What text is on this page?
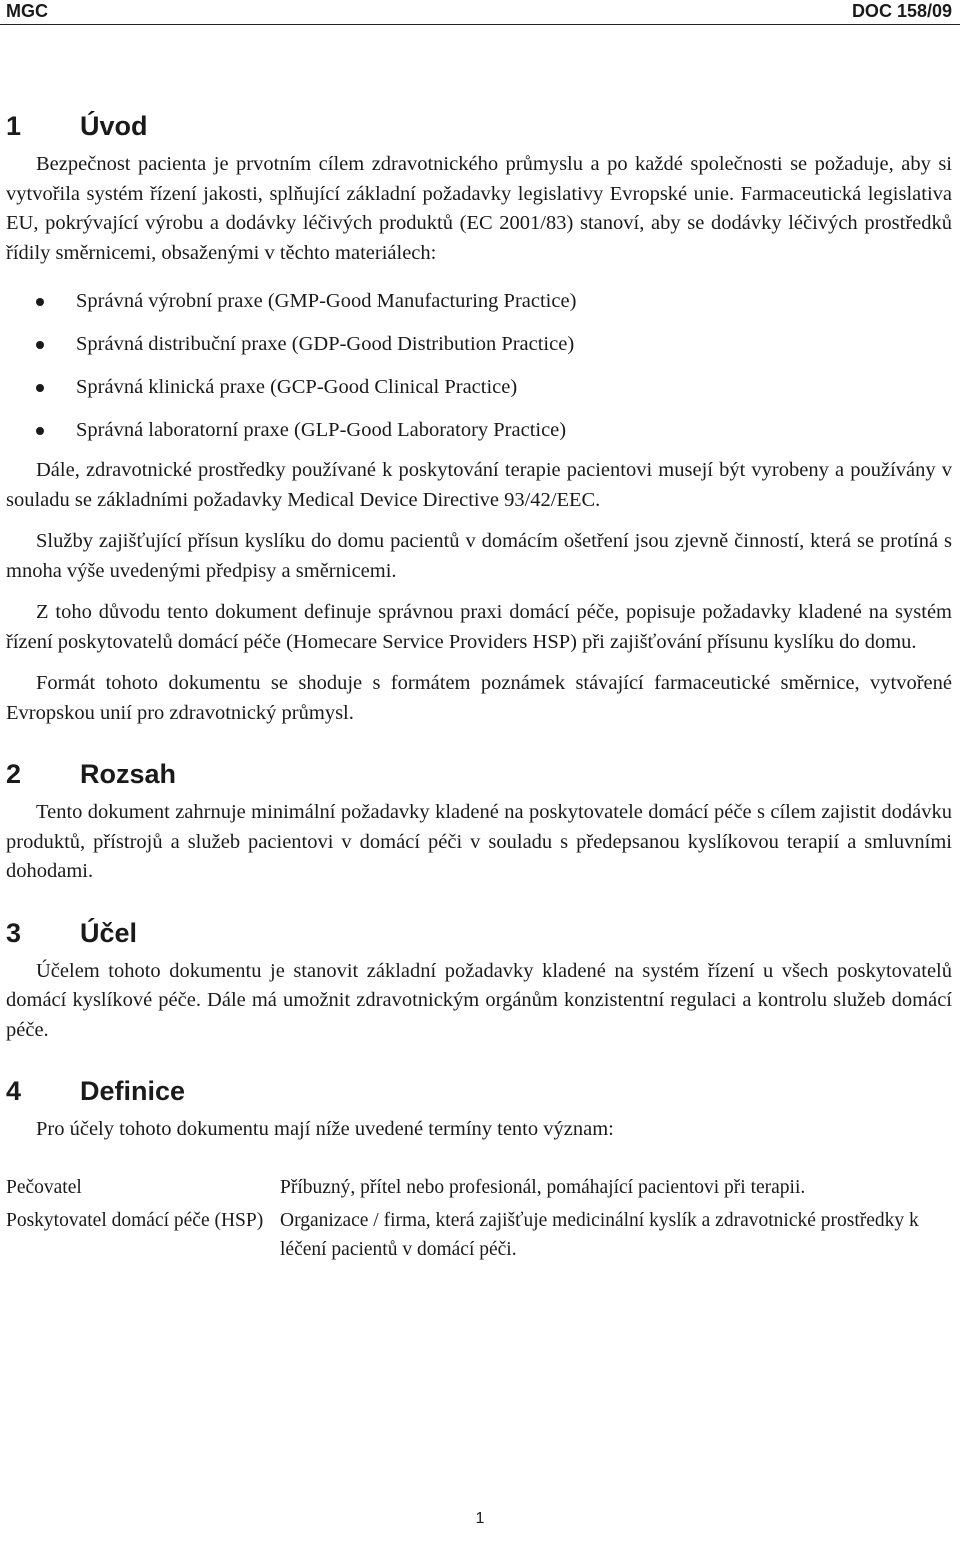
MGC	DOC 158/09
1	Úvod

Bezpečnost pacienta je prvotním cílem zdravotnického průmyslu a po každé společnosti se požaduje, aby si vytvořila systém řízení jakosti, splňující základní požadavky legislativy Evropské unie. Farmaceutická legislativa EU, pokrývající výrobu a dodávky léčivých produktů (EC 2001/83) stanoví, aby se dodávky léčivých prostředků řídily směrnicemi, obsaženými v těchto materiálech:

Správná výrobní praxe (GMP-Good Manufacturing Practice)
Správná distribuční praxe (GDP-Good Distribution Practice)
Správná klinická praxe (GCP-Good Clinical Practice)
Správná laboratorní praxe (GLP-Good Laboratory Practice)

Dále, zdravotnické prostředky používané k poskytování terapie pacientovi musejí být vyrobeny a používány v souladu se základními požadavky Medical Device Directive 93/42/EEC.

Služby zajišťující přísun kyslíku do domu pacientů v domácím ošetření jsou zjevně činností, která se protíná s mnoha výše uvedenými předpisy a směrnicemi.

Z toho důvodu tento dokument definuje správnou praxi domácí péče, popisuje požadavky kladené na systém řízení poskytovatelů domácí péče (Homecare Service Providers HSP) při zajišťování přísunu kyslíku do domu.

Formát tohoto dokumentu se shoduje s formátem poznámek stávající farmaceutické směrnice, vytvořené Evropskou unií pro zdravotnický průmysl.

2	Rozsah

Tento dokument zahrnuje minimální požadavky kladené na poskytovatele domácí péče s cílem zajistit dodávku produktů, přístrojů a služeb pacientovi v domácí péči v souladu s předepsanou kyslíkovou terapií a smluvními dohodami.

3	Účel

Účelem tohoto dokumentu je stanovit základní požadavky kladené na systém řízení u všech poskytovatelů domácí kyslíkové péče. Dále má umožnit zdravotnickým orgánům konzistentní regulaci a kontrolu služeb domácí péče.

4	Definice

Pro účely tohoto dokumentu mají níže uvedené termíny tento význam:

Pečovatel	Příbuzný, přítel nebo profesionál, pomáhající pacientovi při terapii.
Poskytovatel domácí péče (HSP)	Organizace / firma, která zajišťuje medicinální kyslík a zdravotnické prostředky k léčení pacientů v domácí péči.
1
